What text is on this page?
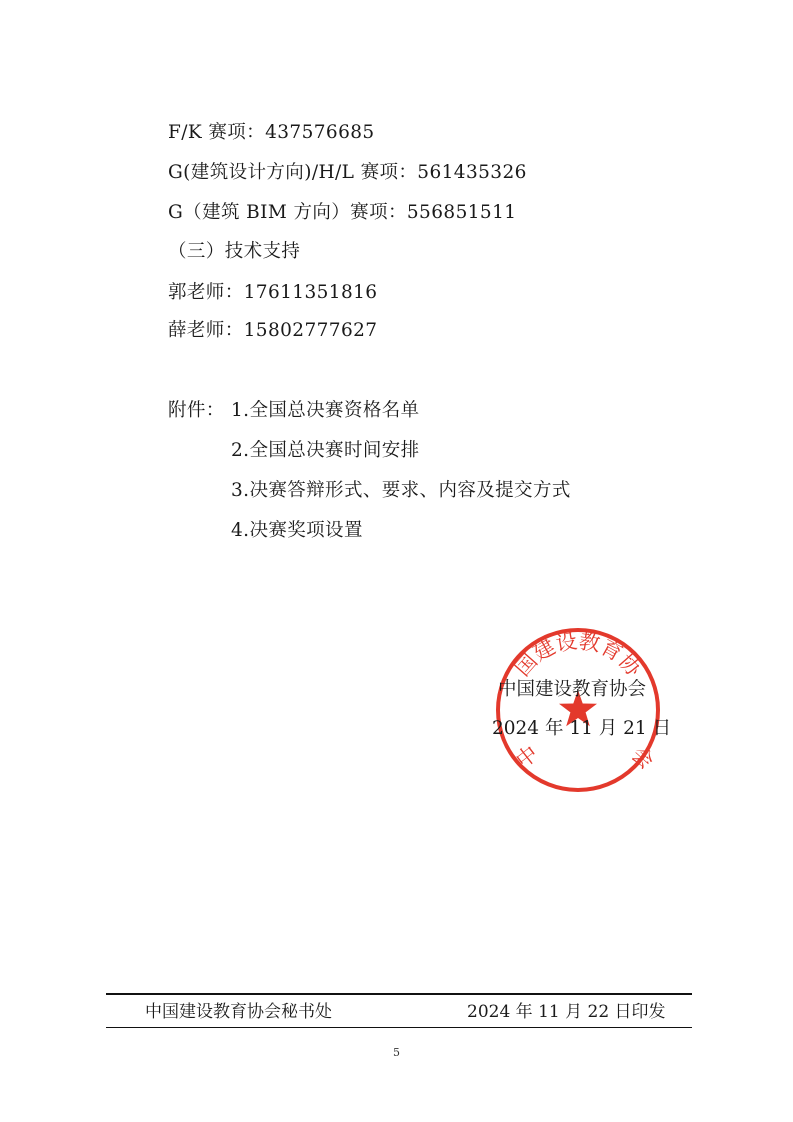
F/K 赛项：437576685
G(建筑设计方向)/H/L 赛项：561435326
G（建筑 BIM 方向）赛项：556851511
（三）技术支持
郭老师：17611351816
薛老师：15802777627
附件： 1.全国总决赛资格名单
2.全国总决赛时间安排
3.决赛答辩形式、要求、内容及提交方式
4.决赛奖项设置
国建设教育协
中	会
中国建设教育协会
2024 年 11 月 21 日
中国建设教育协会秘书处	2024 年 11 月 22 日印发
5
